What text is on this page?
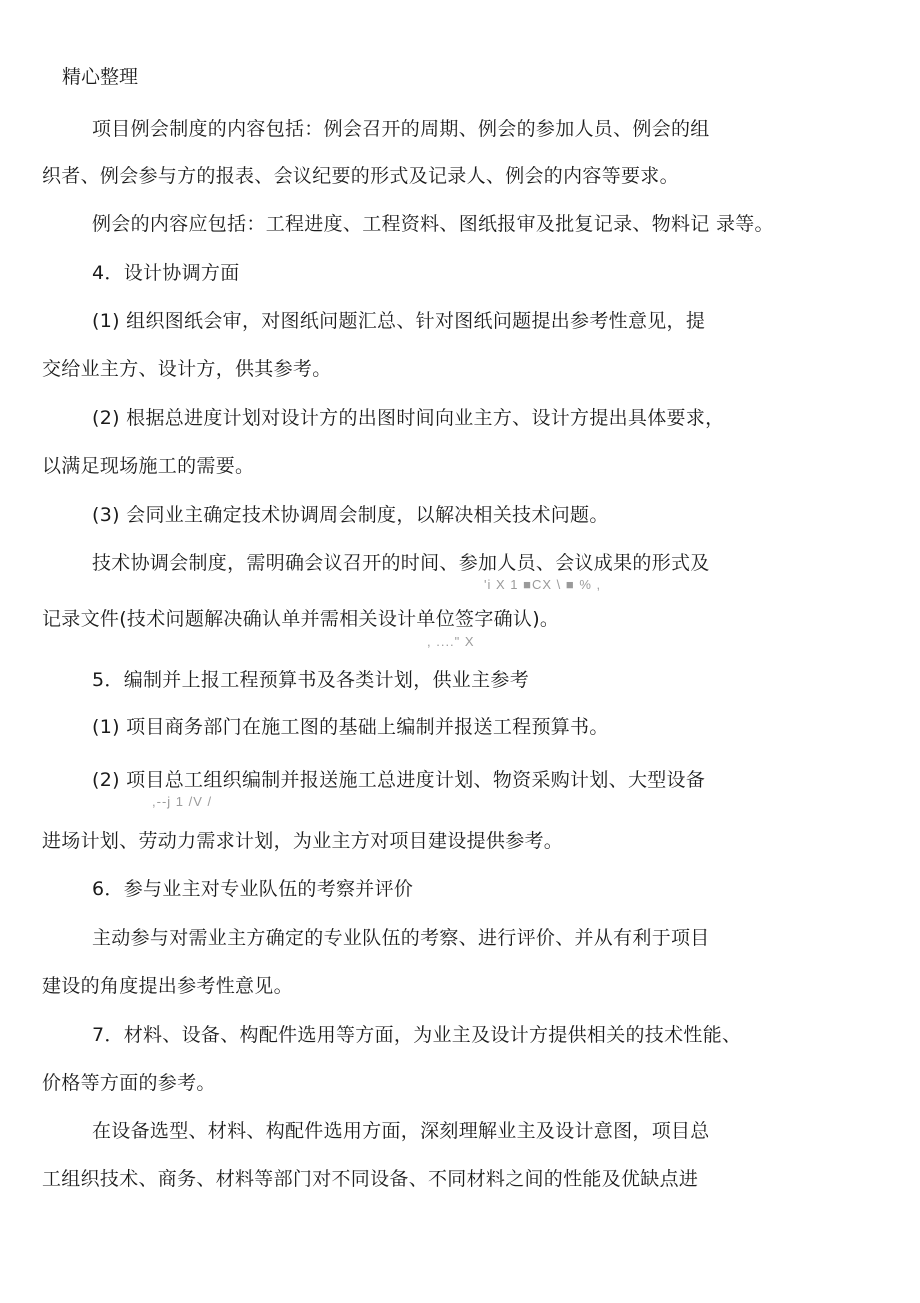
精心整理
项目例会制度的内容包括：例会召开的周期、例会的参加人员、例会的组
织者、例会参与方的报表、会议纪要的形式及记录人、例会的内容等要求。
例会的内容应包括：工程进度、工程资料、图纸报审及批复记录、物料记 录等。
4．设计协调方面
(1) 组织图纸会审，对图纸问题汇总、针对图纸问题提出参考性意见，提
交给业主方、设计方，供其参考。
(2) 根据总进度计划对设计方的出图时间向业主方、设计方提出具体要求，
以满足现场施工的需要。
(3) 会同业主确定技术协调周会制度，以解决相关技术问题。
技术协调会制度，需明确会议召开的时间、参加人员、会议成果的形式及
'i X 1 ■CX \ ■ % ,
记录文件(技术问题解决确认单并需相关设计单位签字确认)。
, ...." X
5．编制并上报工程预算书及各类计划，供业主参考
(1) 项目商务部门在施工图的基础上编制并报送工程预算书。
(2) 项目总工组织编制并报送施工总进度计划、物资采购计划、大型设备
,--j 1 /V /
进场计划、劳动力需求计划，为业主方对项目建设提供参考。
6．参与业主对专业队伍的考察并评价
主动参与对需业主方确定的专业队伍的考察、进行评价、并从有利于项目
建设的角度提出参考性意见。
7．材料、设备、构配件选用等方面，为业主及设计方提供相关的技术性能、
价格等方面的参考。
在设备选型、材料、构配件选用方面，深刻理解业主及设计意图，项目总
工组织技术、商务、材料等部门对不同设备、不同材料之间的性能及优缺点进
